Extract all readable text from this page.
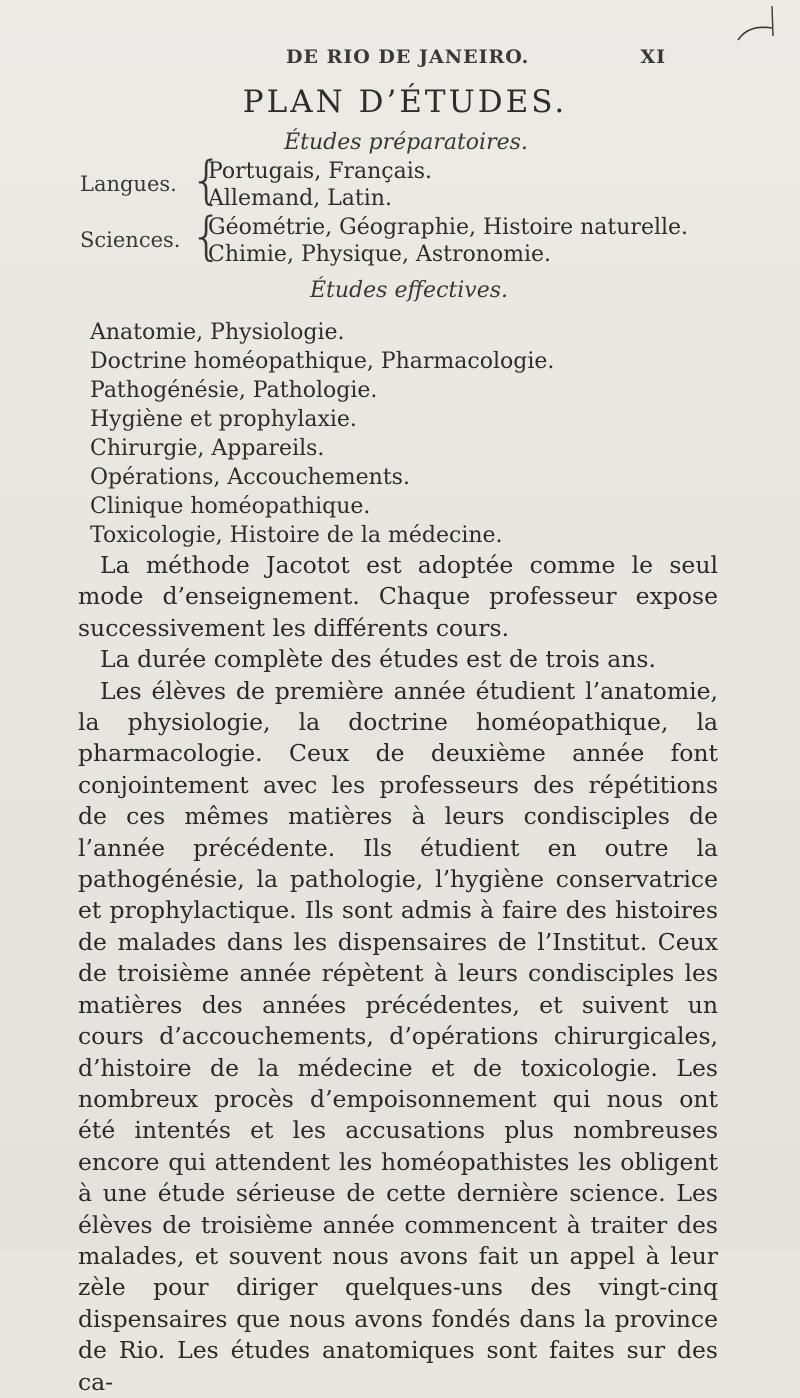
DE RIO DE JANEIRO.	XI
PLAN D’ÉTUDES.
Études préparatoires.
Langues. {
Portugais, Français.
Allemand, Latin.
Sciences. {
Géométrie, Géographie, Histoire naturelle.
Chimie, Physique, Astronomie.
Études effectives.
Anatomie, Physiologie.
Doctrine homéopathique, Pharmacologie.
Pathogénésie, Pathologie.
Hygiène et prophylaxie.
Chirurgie, Appareils.
Opérations, Accouchements.
Clinique homéopathique.
Toxicologie, Histoire de la médecine.

La méthode Jacotot est adoptée comme le seul mode d’enseignement. Chaque professeur expose successivement les différents cours.

La durée complète des études est de trois ans.

Les élèves de première année étudient l’anatomie, la physiologie, la doctrine homéopathique, la pharmacologie. Ceux de deuxième année font conjointement avec les professeurs des répétitions de ces mêmes matières à leurs condisciples de l’année précédente. Ils étudient en outre la pathogénésie, la pathologie, l’hygiène conservatrice et prophylactique. Ils sont admis à faire des histoires de malades dans les dispensaires de l’Institut. Ceux de troisième année répètent à leurs condisciples les matières des années précédentes, et suivent un cours d’accouchements, d’opérations chirurgicales, d’histoire de la médecine et de toxicologie. Les nombreux procès d’empoisonnement qui nous ont été intentés et les accusations plus nombreuses encore qui attendent les homéopathistes les obligent à une étude sérieuse de cette dernière science. Les élèves de troisième année commencent à traiter des malades, et souvent nous avons fait un appel à leur zèle pour diriger quelques-uns des vingt-cinq dispensaires que nous avons fondés dans la province de Rio. Les études anatomiques sont faites sur des ca-
